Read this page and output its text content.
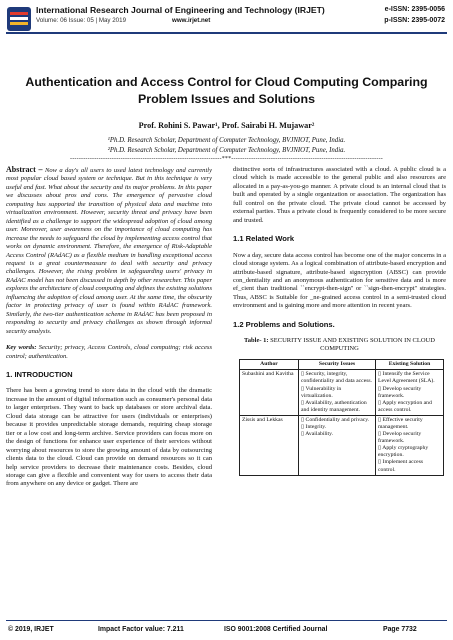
International Research Journal of Engineering and Technology (IRJET)
Volume: 06 Issue: 05 | May 2019	www.irjet.net
e-ISSN: 2395-0056
p-ISSN: 2395-0072
Authentication and Access Control for Cloud Computing Comparing
Problem Issues and Solutions
Prof. Rohini S. Pawar¹, Prof. Sairabi H. Mujawar²
¹Ph.D. Research Scholar, Department of Computer Technology, BVJNIOT, Pune, India.
²Ph.D. Research Scholar, Department of Computer Technology, BVJNIOT, Pune, India.
---------------------------------------------------------------------***---------------------------------------------------------------------

Abstract – Now a day's all users to used latest technology and currently most popular cloud based system or technique. But in this technique is very useful and fast. What about the security and its major problems. In this paper we discusses about pros and cons. The emergence of pervasive cloud computing has supported the transition of physical data and machine into virtualization environment. However, security threat and privacy have been identified as a challenge to support the widespread adoption of cloud among user. Moreover, user awareness on the importance of cloud computing has increase the needs to safeguard the cloud by implementing access control that works on dynamic environment. Therefore, the emergence of Risk-Adaptable Access Control (RAdAC) as a flexible medium in handling exceptional access request is a great countermeasure to deal with security and privacy challenges. However, the rising problem in safeguarding users' privacy in RAdAC model has not been discussed in depth by other researcher. This paper explores the architecture of cloud computing and defines the existing solutions influencing the adoption of cloud among user. At the same time, the obscurity factor in protecting privacy of user is found within RAdAC framework. Similarly, the two-tier authentication scheme in RAdAC has been proposed in responding to security and privacy challenges as shown through informal security analysis.

Key words: Security; privacy, Access Controls, cloud computing; risk access control; authentication.

1. INTRODUCTION

There has been a growing trend to store data in the cloud with the dramatic increase in the amount of digital information such as consumer's personal data to larger enterprises. They want to back up databases or store archival data. Cloud data storage can be attractive for users (individuals or enterprises) because it provides unpredictable storage demands, requiring cheap storage tier or a low cost and long-term archive. Service providers can focus more on the design of functions for enhance user experience of their services without worrying about resources to store the growing amount of data by outsourcing clients data to the cloud. Cloud can provide on demand resources so it can help service providers to decrease their maintenance costs. Besides, cloud storage can give a flexible and convenient way for users to access their data from anywhere on any device or gadget. There are

distinctive sorts of infrastructures associated with a cloud. A public cloud is a cloud which is made accessible to the general public and also resources are allocated in a pay-as-you-go manner. A private cloud is an internal cloud that is built and operated by a single organization or association. The organization has full control on the private cloud. The private cloud cannot be accessed by external parties. Thus a private cloud is frequently considered to be more secure and trusted.

1.1 Related Work

Now a day, secure data access control has become one of the major concerns in a cloud storage system. As a logical combination of attribute-based encryption and attribute-based signature, attribute-based signcryption (ABSC) can provide con_dentiality and an anonymous authentication for sensitive data and is more ef_cient than traditional ``encrypt-then-sign'' or ``sign-then-encrypt'' strategies. Thus, ABSC is Suitable for _ne-grained access control in a semi-trusted cloud environment and is gaining more and more attention in recent years.

1.2 Problems and Solutions.
Table- 1: SECURITY ISSUE AND EXISTING SOLUTION IN CLOUD COMPUTING
Author	Security Issues	Existing Solution
Subashini and Kavitha	▯ Security, integrity, confidentiality and data access.
▯ Vulnerability in virtualization.
▯ Availability, authentication and identity management.	▯ Intensify the Service Level Agreement (SLA).
▯ Develop security framework.
▯ Apply encryption and access control.

Zissis and Lekkas	▯ Confidentiality and privacy.
▯ Integrity.
▯ Availability.	▯ Effective security management.
▯ Develop security framework.
▯ Apply cryptography encryption.
▯ Implement access control.
© 2019, IRJET	Impact Factor value: 7.211	ISO 9001:2008 Certified Journal	Page 7732
